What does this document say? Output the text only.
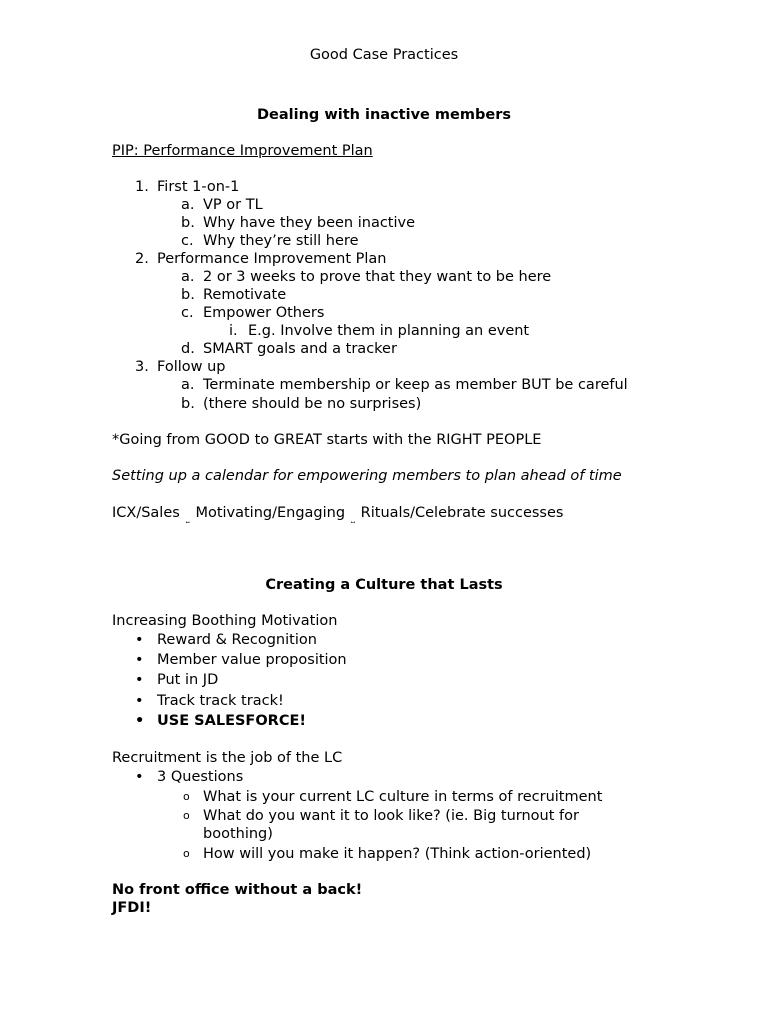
Good Case Practices
Dealing with inactive members
PIP: Performance Improvement Plan
1. First 1-on-1
a. VP or TL
b. Why have they been inactive
c. Why they’re still here
2. Performance Improvement Plan
a. 2 or 3 weeks to prove that they want to be here
b. Remotivate
c. Empower Others
i. E.g. Involve them in planning an event
d. SMART goals and a tracker
3. Follow up
a. Terminate membership or keep as member BUT be careful
b. (there should be no surprises)
*Going from GOOD to GREAT starts with the RIGHT PEOPLE
Setting up a calendar for empowering members to plan ahead of time
ICX/Sales ⎵ Motivating/Engaging ⎵ Rituals/Celebrate successes
Creating a Culture that Lasts
Increasing Boothing Motivation
• Reward & Recognition
• Member value proposition
• Put in JD
• Track track track!
• USE SALESFORCE!
Recruitment is the job of the LC
• 3 Questions
o What is your current LC culture in terms of recruitment
o What do you want it to look like? (ie. Big turnout for
boothing)
o How will you make it happen? (Think action-oriented)
No front office without a back!
JFDI!
